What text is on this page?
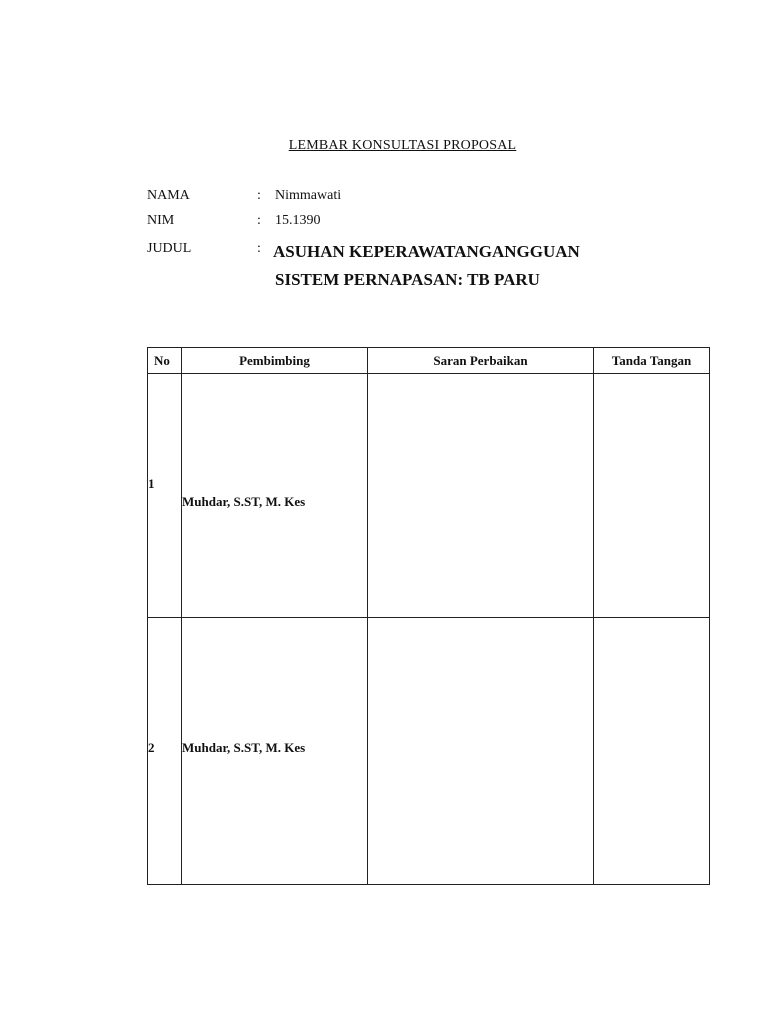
LEMBAR KONSULTASI PROPOSAL
NAMA	: Nimmawati
NIM	: 15.1390
JUDUL	: ASUHAN KEPERAWATANGANGGUAN
SISTEM PERNAPASAN: TB PARU
No	Pembimbing	Saran Perbaikan	Tanda Tangan
1	Muhdar, S.ST, M. Kes		
2	Muhdar, S.ST, M. Kes		
